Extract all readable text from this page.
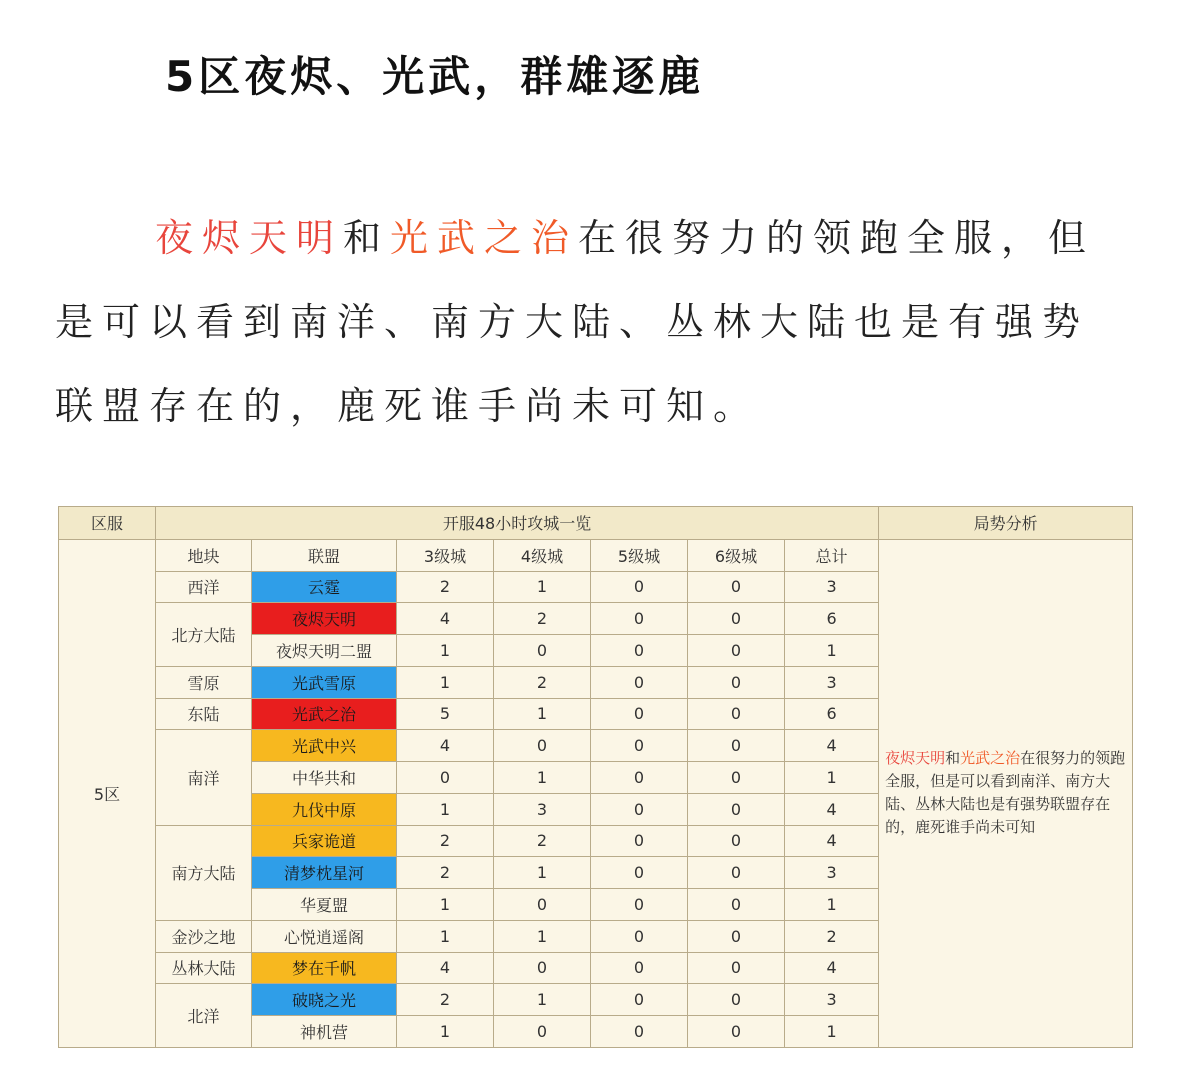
5区夜烬、光武，群雄逐鹿
夜烬天明和光武之治在很努力的领跑全服，但
是可以看到南洋、南方大陆、丛林大陆也是有强势
联盟存在的，鹿死谁手尚未可知。
区服	开服48小时攻城一览							局势分析
5区	地块	联盟	3级城	4级城	5级城	6级城	总计	夜烬天明和光武之治在很努力的领跑全服，但是可以看到南洋、南方大陆、丛林大陆也是有强势联盟存在的，鹿死谁手尚未可知
	西洋	云霆	2	1	0	0	3	
	北方大陆	夜烬天明	4	2	0	0	6	
		夜烬天明二盟	1	0	0	0	1	
	雪原	光武雪原	1	2	0	0	3	
	东陆	光武之治	5	1	0	0	6	
	南洋	光武中兴	4	0	0	0	4	
		中华共和	0	1	0	0	1	
		九伐中原	1	3	0	0	4	
	南方大陆	兵家诡道	2	2	0	0	4	
		清梦枕星河	2	1	0	0	3	
		华夏盟	1	0	0	0	1	
	金沙之地	心悦逍遥阁	1	1	0	0	2	
	丛林大陆	梦在千帆	4	0	0	0	4	
	北洋	破晓之光	2	1	0	0	3	
		神机营	1	0	0	0	1	
